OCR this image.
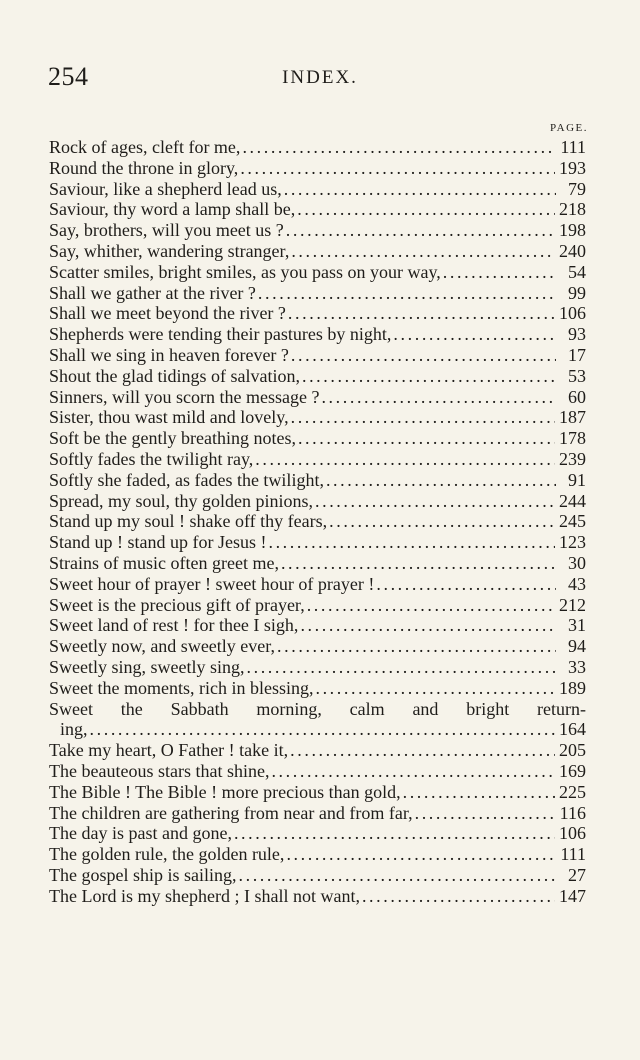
254	INDEX.
PAGE.
Rock of ages, cleft for me, .....	111
Round the throne in glory, .....	193
Saviour, like a shepherd lead us, .....	79
Saviour, thy word a lamp shall be, .....	218
Say, brothers, will you meet us ? .....	198
Say, whither, wandering stranger, .....	240
Scatter smiles, bright smiles, as you pass on your way, .....	54
Shall we gather at the river ? .....	99
Shall we meet beyond the river ? .....	106
Shepherds were tending their pastures by night, .....	93
Shall we sing in heaven forever ? .....	17
Shout the glad tidings of salvation, .....	53
Sinners, will you scorn the message ? .....	60
Sister, thou wast mild and lovely, .....	187
Soft be the gently breathing notes, .....	178
Softly fades the twilight ray, .....	239
Softly she faded, as fades the twilight, .....	91
Spread, my soul, thy golden pinions, .....	244
Stand up my soul ! shake off thy fears, .....	245
Stand up ! stand up for Jesus ! .....	123
Strains of music often greet me, .....	30
Sweet hour of prayer ! sweet hour of prayer ! .....	43
Sweet is the precious gift of prayer, .....	212
Sweet land of rest ! for thee I sigh, .....	31
Sweetly now, and sweetly ever, .....	94
Sweetly sing, sweetly sing, .....	33
Sweet the moments, rich in blessing, .....	189
Sweet the Sabbath morning, calm and bright return-
ing, .....	164
Take my heart, O Father ! take it, .....	205
The beauteous stars that shine, .....	169
The Bible ! The Bible ! more precious than gold, .....	225
The children are gathering from near and from far, .....	116
The day is past and gone, .....	106
The golden rule, the golden rule, .....	111
The gospel ship is sailing, .....	27
The Lord is my shepherd ; I shall not want, .....	147
